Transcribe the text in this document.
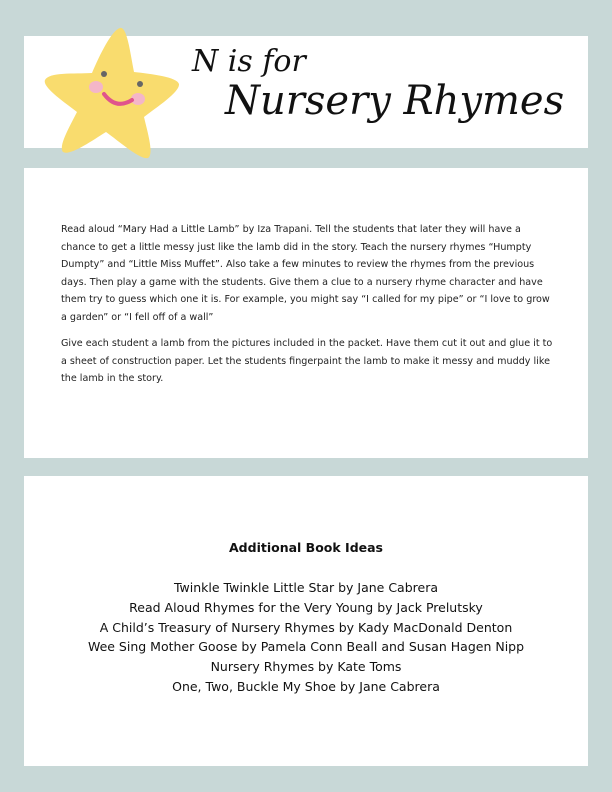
N is for
Nursery Rhymes

Read aloud “Mary Had a Little Lamb” by Iza Trapani. Tell the students that later they will have a chance to get a little messy just like the lamb did in the story. Teach the nursery rhymes “Humpty Dumpty” and “Little Miss Muffet”. Also take a few minutes to review the rhymes from the previous days. Then play a game with the students. Give them a clue to a nursery rhyme character and have them try to guess which one it is. For example, you might say “I called for my pipe” or “I love to grow a garden” or “I fell off of a wall”

Give each student a lamb from the pictures included in the packet. Have them cut it out and glue it to a sheet of construction paper. Let the students fingerpaint the lamb to make it messy and muddy like the lamb in the story.

Additional Book Ideas
Twinkle Twinkle Little Star by Jane Cabrera
Read Aloud Rhymes for the Very Young by Jack Prelutsky
A Child’s Treasury of Nursery Rhymes by Kady MacDonald Denton
Wee Sing Mother Goose by Pamela Conn Beall and Susan Hagen Nipp
Nursery Rhymes by Kate Toms
One, Two, Buckle My Shoe by Jane Cabrera
